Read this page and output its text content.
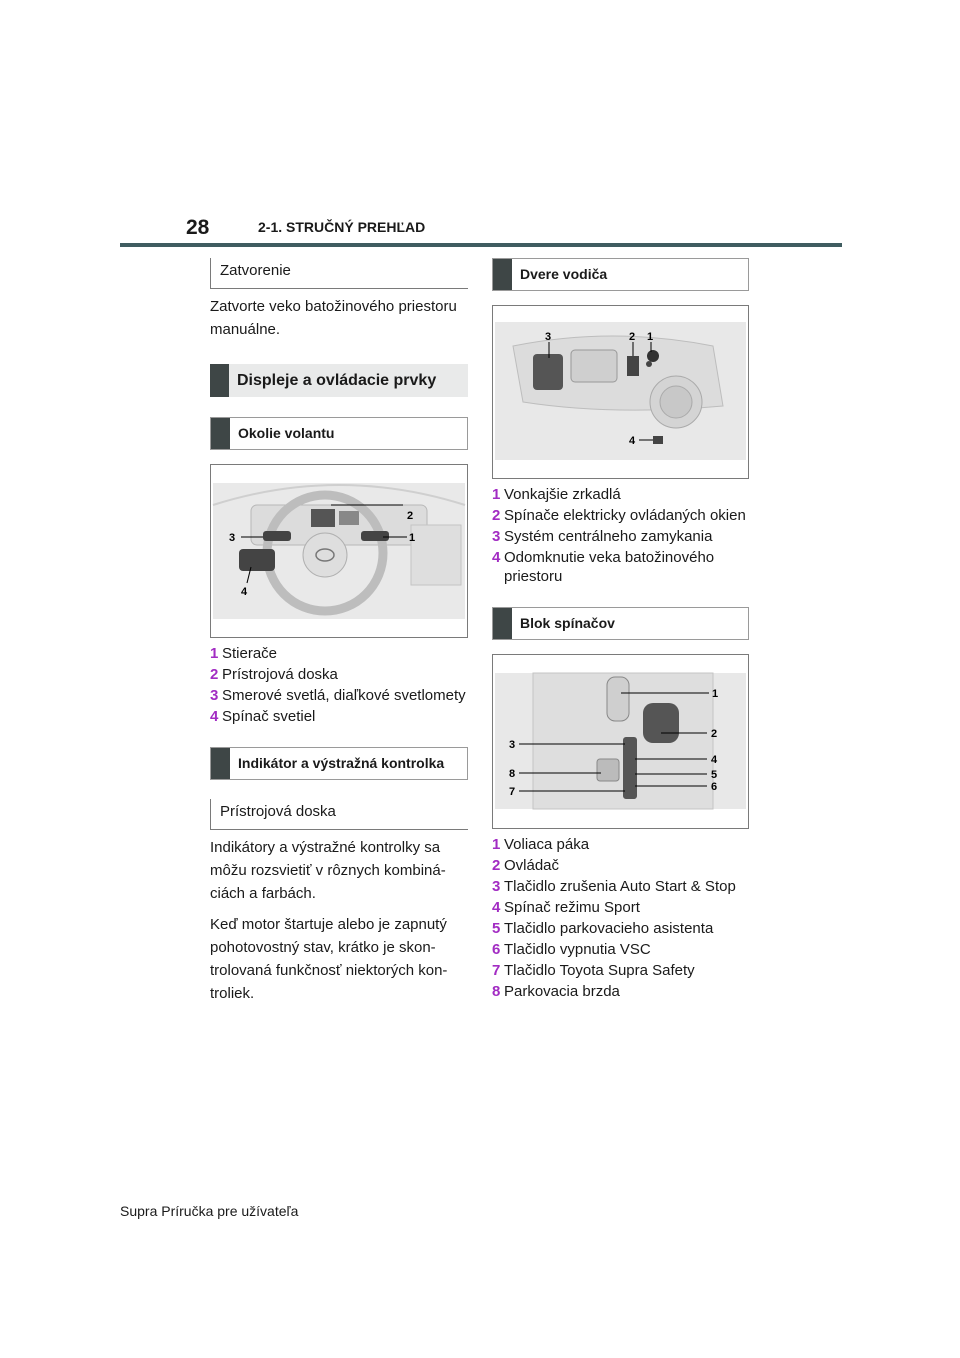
28	2-1. STRUČNÝ PREHĽAD
Zatvorenie

Zatvorte veko batožinového priestoru manuálne.

Displeje a ovládacie prvky
Okolie volantu
2
1
3
4
1 Stierače
2 Prístrojová doska
3 Smerové svetlá, diaľkové svetlomety
4 Spínač svetiel
Indikátor a výstražná kontrolka
Prístrojová doska

Indikátory a výstražné kontrolky sa môžu rozsvietiť v rôznych kombináciách a farbách.

Keď motor štartuje alebo je zapnutý pohotovostný stav, krátko je skontrolovaná funkčnosť niektorých kontroliek.

Dvere vodiča
3	2 1
4
1 Vonkajšie zrkadlá
2 Spínače elektricky ovládaných okien
3 Systém centrálneho zamykania
4 Odomknutie veka batožinového priestoru
Blok spínačov
1
2
3
4
5
6
7
8
1 Voliaca páka
2 Ovládač
3 Tlačidlo zrušenia Auto Start & Stop
4 Spínač režimu Sport
5 Tlačidlo parkovacieho asistenta
6 Tlačidlo vypnutia VSC
7 Tlačidlo Toyota Supra Safety
8 Parkovacia brzda
Supra Príručka pre užívateľa
